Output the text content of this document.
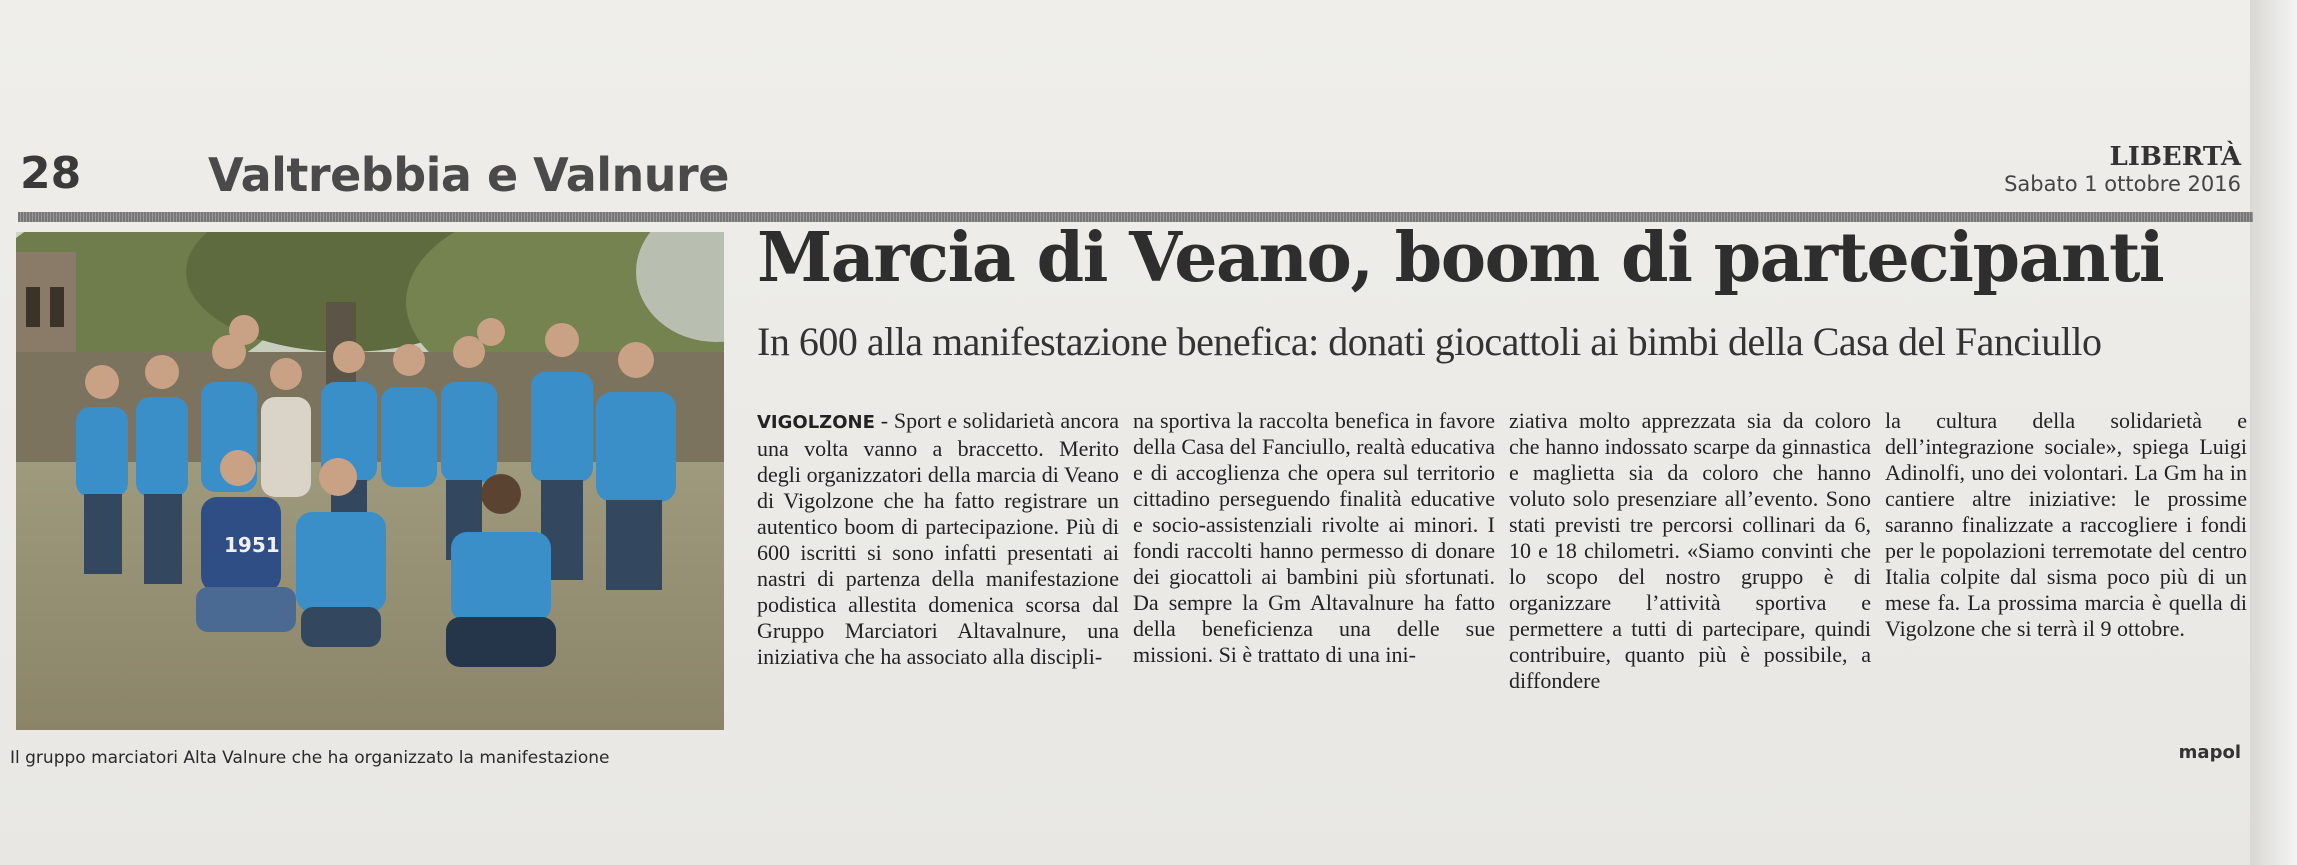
28	Valtrebbia e Valnure	LIBERTÀ
Sabato 1 ottobre 2016
1951
Il gruppo marciatori Alta Valnure che ha organizzato la manifestazione
Marcia di Veano, boom di partecipanti
In 600 alla manifestazione benefica: donati giocattoli ai bimbi della Casa del Fanciullo

VIGOLZONE - Sport e solidarietà ancora una volta vanno a braccetto. Merito degli organizzatori della marcia di Veano di Vigolzone che ha fatto registrare un autentico boom di partecipazione. Più di 600 iscritti si sono infatti presentati ai nastri di partenza della manifestazione podistica allestita domenica scorsa dal Gruppo Marciatori Altavalnure, una iniziativa che ha associato alla discipli-

na sportiva la raccolta benefica in favore della Casa del Fanciullo, realtà educativa e di accoglienza che opera sul territorio cittadino perseguendo finalità educative e socio-assistenziali rivolte ai minori. I fondi raccolti hanno permesso di donare dei giocattoli ai bambini più sfortunati. Da sempre la Gm Altavalnure ha fatto della beneficienza una delle sue missioni. Si è trattato di una ini-

ziativa molto apprezzata sia da coloro che hanno indossato scarpe da ginnastica e maglietta sia da coloro che hanno voluto solo presenziare all’evento. Sono stati previsti tre percorsi collinari da 6, 10 e 18 chilometri. «Siamo convinti che lo scopo del nostro gruppo è di organizzare l’attività sportiva e permettere a tutti di partecipare, quindi contribuire, quanto più è possibile, a diffondere

la cultura della solidarietà e dell’integrazione sociale», spiega Luigi Adinolfi, uno dei volontari. La Gm ha in cantiere altre iniziative: le prossime saranno finalizzate a raccogliere i fondi per le popolazioni terremotate del centro Italia colpite dal sisma poco più di un mese fa. La prossima marcia è quella di Vigolzone che si terrà il 9 ottobre.

mapol
